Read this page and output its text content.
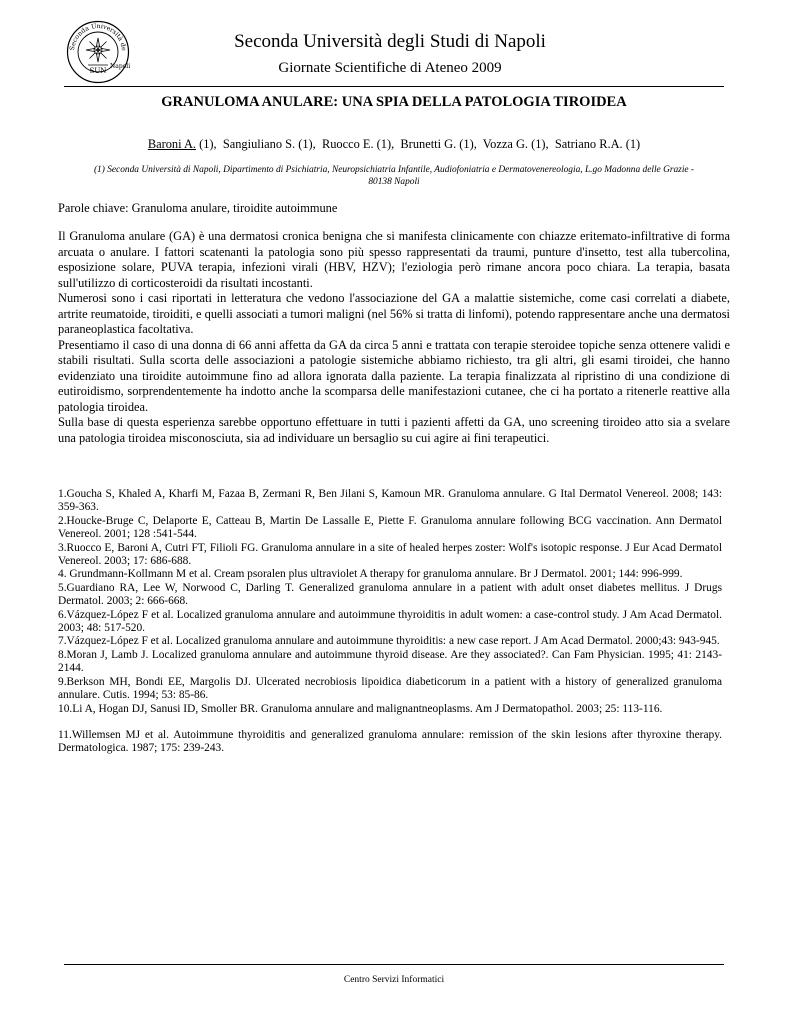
Seconda Università de
Napoli
SUN
Seconda Università degli Studi di Napoli
Giornate Scientifiche di Ateneo 2009
GRANULOMA ANULARE: UNA SPIA DELLA PATOLOGIA TIROIDEA
Baroni A. (1),  Sangiuliano S. (1),  Ruocco E. (1),  Brunetti G. (1),  Vozza G. (1),  Satriano R.A. (1)
(1) Seconda Università di Napoli, Dipartimento di Psichiatria, Neuropsichiatria Infantile, Audiofoniatria e Dermatovenereologia, L.go Madonna delle Grazie -
80138 Napoli
Parole chiave: Granuloma anulare, tiroidite autoimmune

Il Granuloma anulare (GA) è una dermatosi cronica benigna che si manifesta clinicamente con chiazze eritemato-infiltrative di forma arcuata o anulare. I fattori scatenanti la patologia sono più spesso rappresentati da traumi, punture d'insetto, test alla tubercolina, esposizione solare, PUVA terapia, infezioni virali (HBV, HZV); l'eziologia però rimane ancora poco chiara. La terapia, basata sull'utilizzo di corticosteroidi da risultati incostanti.

Numerosi sono i casi riportati in letteratura che vedono l'associazione del GA a malattie sistemiche, come casi correlati a diabete, artrite reumatoide, tiroiditi, e quelli associati a tumori maligni (nel 56% si tratta di linfomi), potendo rappresentare anche una dermatosi paraneoplastica facoltativa.

Presentiamo il caso di una donna di 66 anni affetta da GA da circa 5 anni e trattata con terapie steroidee topiche senza ottenere validi e stabili risultati. Sulla scorta delle associazioni a patologie sistemiche abbiamo richiesto, tra gli altri, gli esami tiroidei, che hanno evidenziato una tiroidite autoimmune fino ad allora ignorata dalla paziente. La terapia finalizzata al ripristino di una condizione di eutiroidismo, sorprendentemente ha indotto anche la scomparsa delle manifestazioni cutanee, che ci ha portato a ritenerle reattive alla patologia tiroidea.

Sulla base di questa esperienza sarebbe opportuno effettuare in tutti i pazienti affetti da GA, uno screening tiroideo atto sia a svelare una patologia tiroidea misconosciuta, sia ad individuare un bersaglio su cui agire ai fini terapeutici.

1.Goucha S, Khaled A, Kharfi M, Fazaa B, Zermani R, Ben Jilani S, Kamoun MR. Granuloma annulare. G Ital Dermatol Venereol. 2008; 143: 359-363.

2.Houcke-Bruge C, Delaporte E, Catteau B, Martin De Lassalle E, Piette F. Granuloma annulare following BCG vaccination. Ann Dermatol Venereol. 2001; 128 :541-544.

3.Ruocco E, Baroni A, Cutri FT, Filioli FG. Granuloma annulare in a site of healed herpes zoster: Wolf's isotopic response. J Eur Acad Dermatol Venereol. 2003; 17: 686-688.

4. Grundmann-Kollmann M et al. Cream psoralen plus ultraviolet A therapy for granuloma annulare. Br J Dermatol. 2001; 144: 996-999.

5.Guardiano RA, Lee W, Norwood C, Darling T. Generalized granuloma annulare in a patient with adult onset diabetes mellitus. J Drugs Dermatol. 2003; 2: 666-668.

6.Vázquez-López F et al. Localized granuloma annulare and autoimmune thyroiditis in adult women: a case-control study. J Am Acad Dermatol. 2003; 48: 517-520.

7.Vázquez-López F et al. Localized granuloma annulare and autoimmune thyroiditis: a new case report. J Am Acad Dermatol. 2000;43: 943-945.

8.Moran J, Lamb J. Localized granuloma annulare and autoimmune thyroid disease. Are they associated?. Can Fam Physician. 1995; 41: 2143-2144.

9.Berkson MH, Bondi EE, Margolis DJ. Ulcerated necrobiosis lipoidica diabeticorum in a patient with a history of generalized granuloma annulare. Cutis. 1994; 53: 85-86.

10.Li A, Hogan DJ, Sanusi ID, Smoller BR. Granuloma annulare and malignantneoplasms. Am J Dermatopathol. 2003; 25: 113-116.

11.Willemsen MJ et al. Autoimmune thyroiditis and generalized granuloma annulare: remission of the skin lesions after thyroxine therapy. Dermatologica. 1987; 175: 239-243.

Centro Servizi Informatici
